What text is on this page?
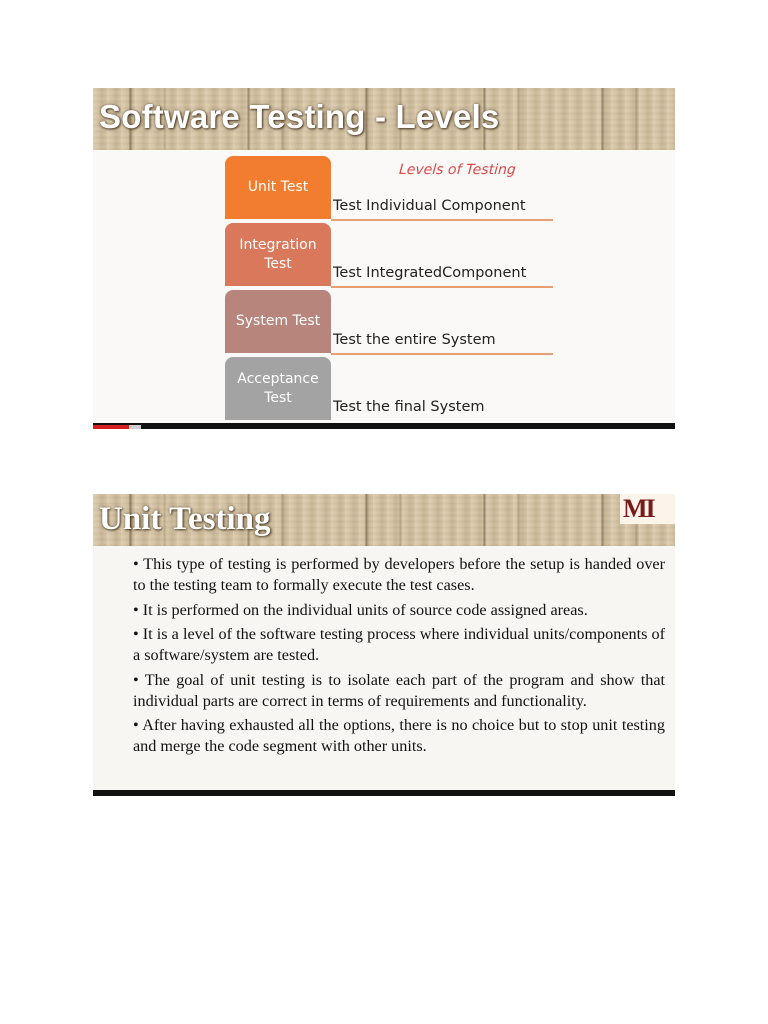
Software Testing - Levels
Levels of Testing
Unit Test
Test Individual Component
Integration Test
Test IntegratedComponent
System Test
Test the entire System
Acceptance Test
Test the final System
Unit Testing	MI
• This type of testing is performed by developers before the setup is handed over to the testing team to formally execute the test cases.
• It is performed on the individual units of source code assigned areas.
• It is a level of the software testing process where individual units/components of a software/system are tested.
• The goal of unit testing is to isolate each part of the program and show that individual parts are correct in terms of requirements and functionality.
• After having exhausted all the options, there is no choice but to stop unit testing and merge the code segment with other units.
